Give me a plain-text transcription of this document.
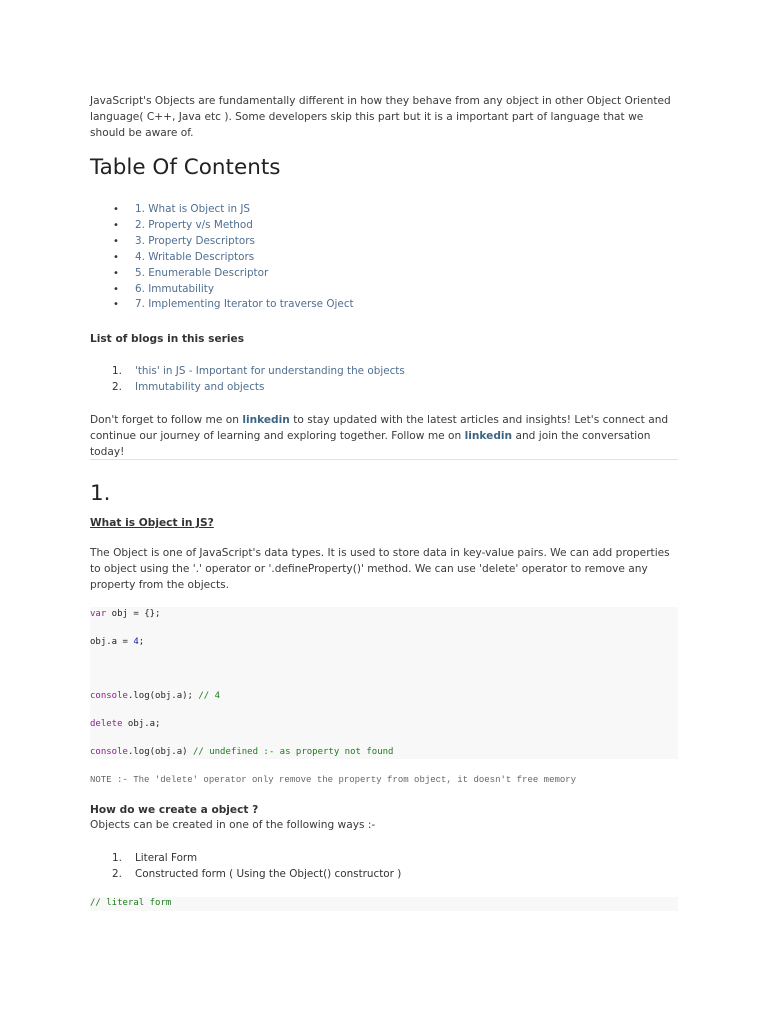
JavaScript's Objects are fundamentally different in how they behave from any object in other Object Oriented language( C++, Java etc ). Some developers skip this part but it is a important part of language that we should be aware of.

Table Of Contents
• 1. What is Object in JS
• 2. Property v/s Method
• 3. Property Descriptors
• 4. Writable Descriptors
• 5. Enumerable Descriptor
• 6. Immutability
• 7. Implementing Iterator to traverse Oject

List of blogs in this series

1. 'this' in JS - Important for understanding the objects
2. Immutability and objects

Don't forget to follow me on linkedin to stay updated with the latest articles and insights! Let's connect and continue our journey of learning and exploring together. Follow me on linkedin and join the conversation today!

1.

What is Object in JS?

The Object is one of JavaScript's data types. It is used to store data in key-value pairs. We can add properties to object using the '.' operator or '.defineProperty()' method. We can use 'delete' operator to remove any property from the objects.

var obj = {};
obj.a = 4;
console.log(obj.a); // 4
delete obj.a;
console.log(obj.a) // undefined :- as property not found
NOTE :- The 'delete' operator only remove the property from object, it doesn't free memory

How do we create a object ?

Objects can be created in one of the following ways :-

1. Literal Form
2. Constructed form ( Using the Object() constructor )
// literal form
